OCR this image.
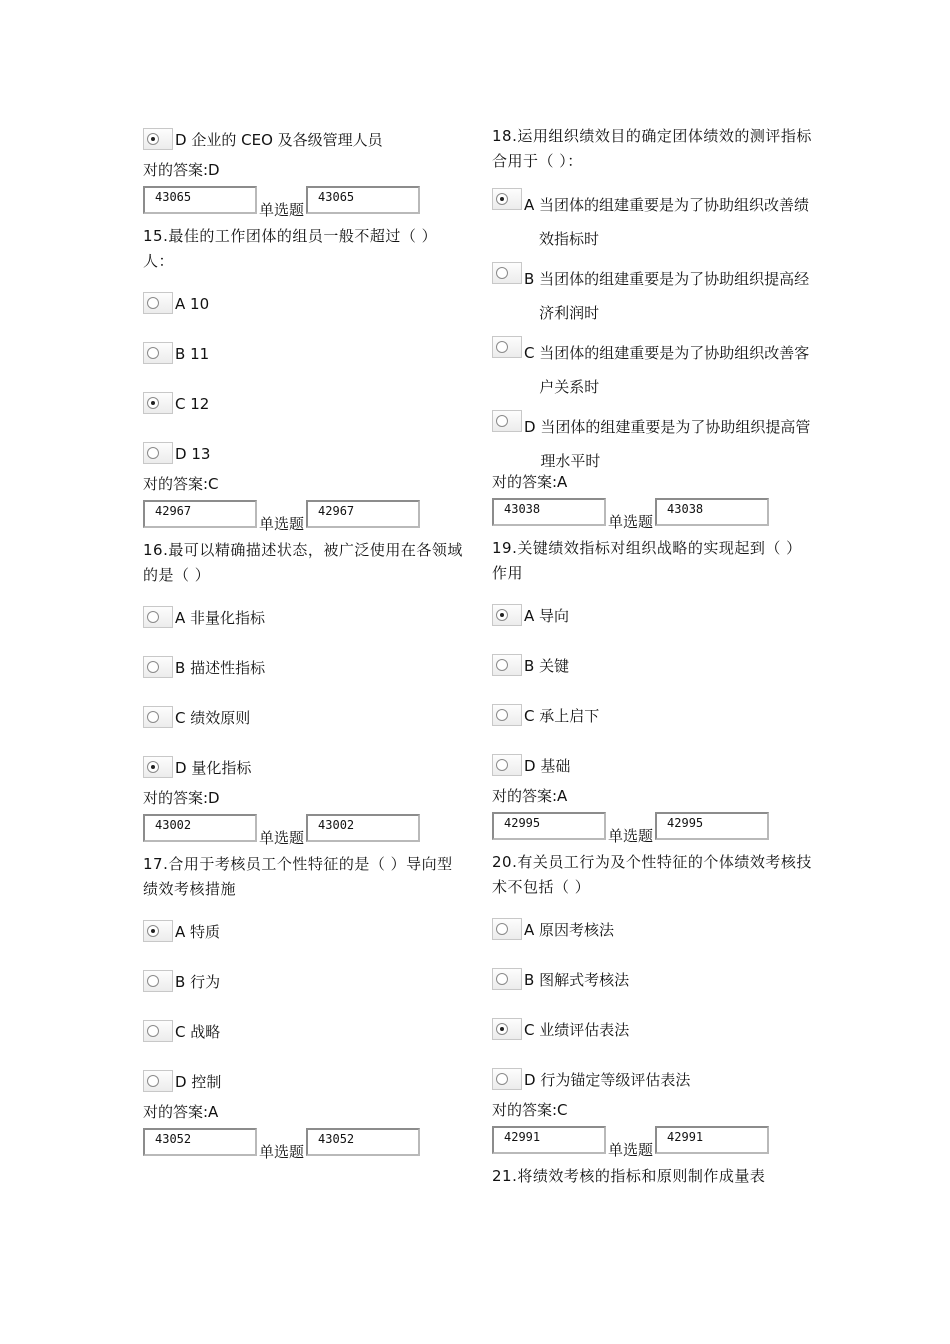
D 企业的 CEO 及各级管理人员
对的答案:D
43065
单选题
43065

15.最佳的工作团体的组员一般不超过（ ）人：

A 10
B 11
C 12
D 13
对的答案:C
42967
单选题
42967

16.最可以精确描述状态，被广泛使用在各领域的是（ ）

A 非量化指标
B 描述性指标
C 绩效原则
D 量化指标
对的答案:D
43002
单选题
43002

17.合用于考核员工个性特征的是（ ）导向型绩效考核措施

A 特质
B 行为
C 战略
D 控制
对的答案:A
43052
单选题
43052

18.运用组织绩效目的确定团体绩效的测评指标合用于（ ）：

A
当团体的组建重要是为了协助组织改善绩效指标时
B
当团体的组建重要是为了协助组织提高经济利润时
C
当团体的组建重要是为了协助组织改善客户关系时
D
当团体的组建重要是为了协助组织提高管理水平时
对的答案:A
43038
单选题
43038

19.关键绩效指标对组织战略的实现起到（ ）作用

A 导向
B 关键
C 承上启下
D 基础
对的答案:A
42995
单选题
42995

20.有关员工行为及个性特征的个体绩效考核技术不包括（ ）

A 原因考核法
B 图解式考核法
C 业绩评估表法
D 行为锚定等级评估表法
对的答案:C
42991
单选题
42991

21.将绩效考核的指标和原则制作成量表
